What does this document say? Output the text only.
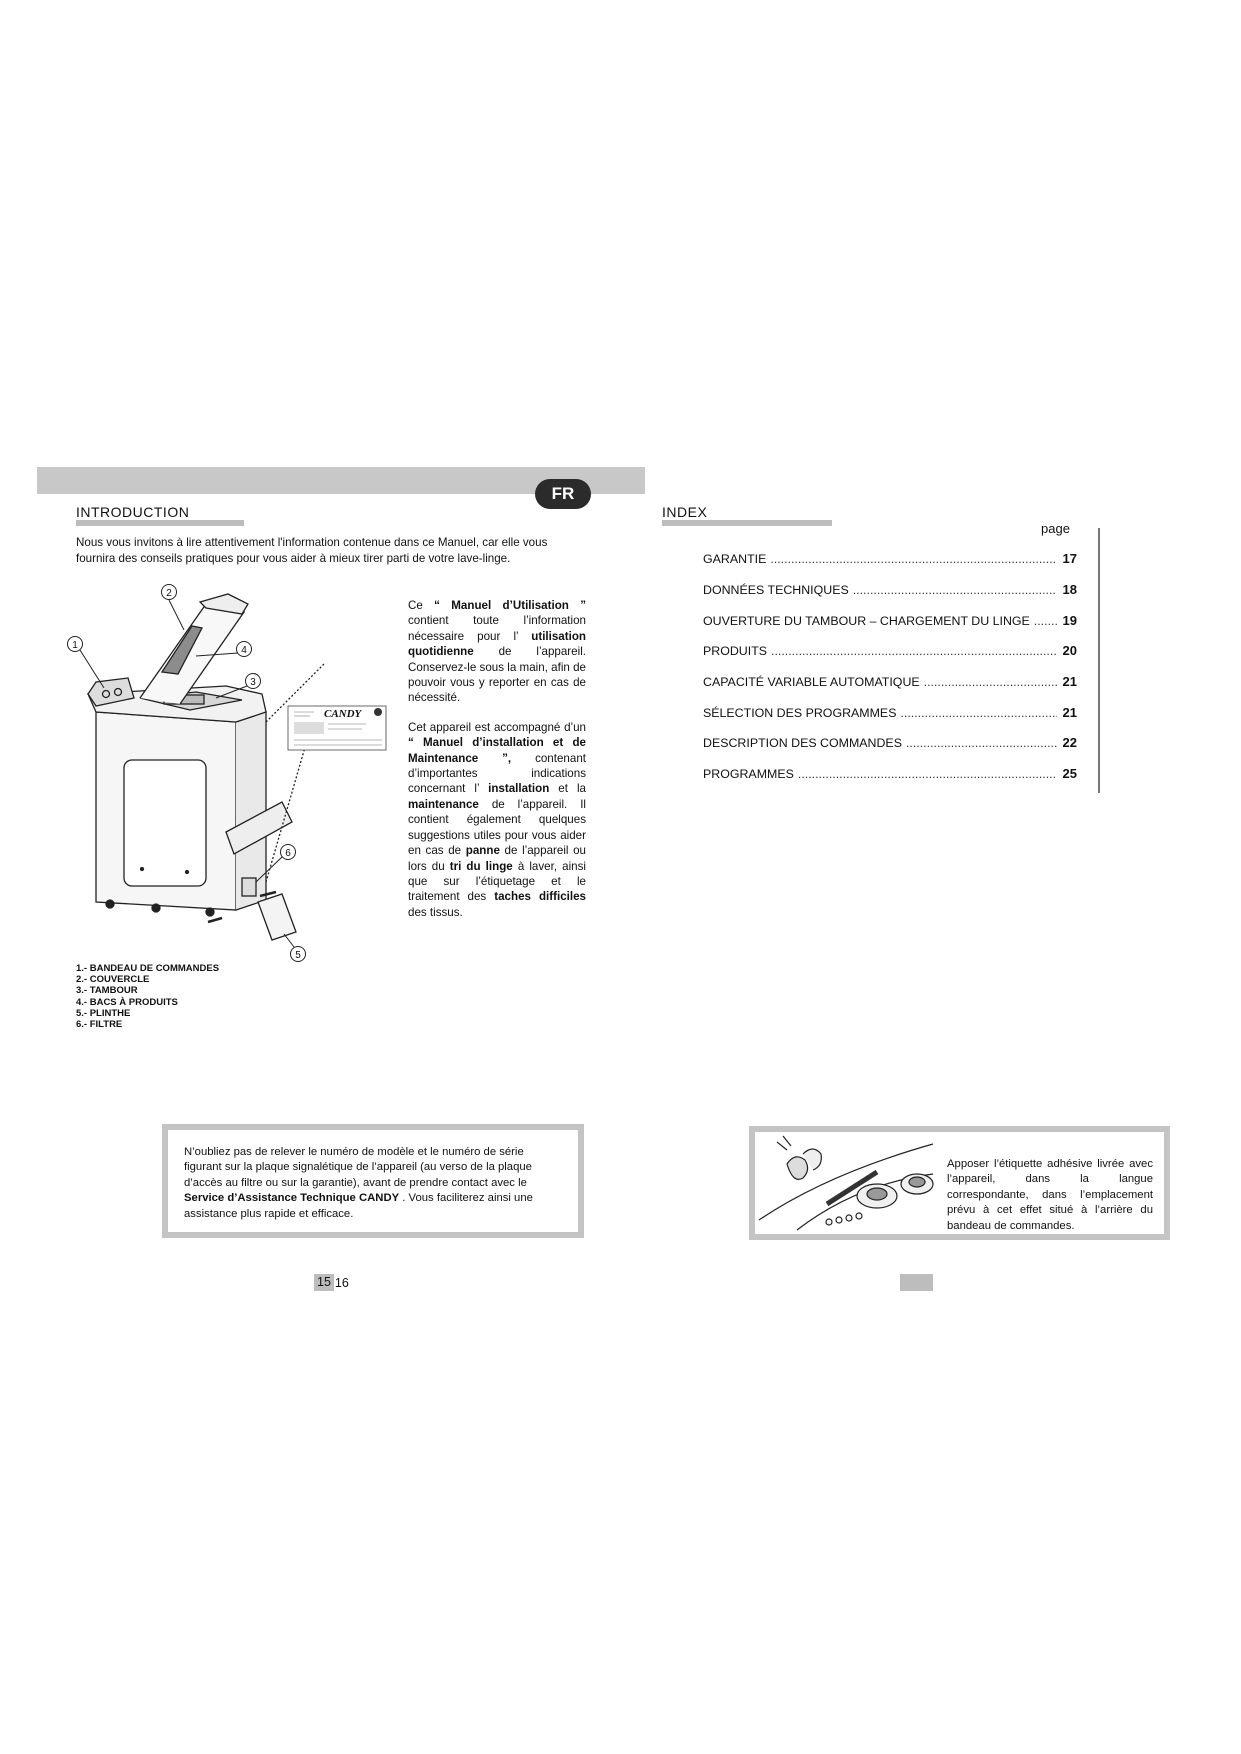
FR
INTRODUCTION
Nous vous invitons à lire attentivement l'information contenue dans ce Manuel, car elle vous fournira des conseils pratiques pour vous aider à mieux tirer parti de votre lave-linge.
2
1	4
3
6
5
CANDY

Ce “ Manuel d’Utilisation ” contient toute l’information nécessaire pour l’ utilisation quotidienne de l’appareil. Conservez-le sous la main, afin de pouvoir vous y reporter en cas de nécessité.

Cet appareil est accompagné d’un “ Manuel d’installation et de Maintenance ”, contenant d’importantes indications concernant l’ installation et la maintenance de l’appareil. Il contient également quelques suggestions utiles pour vous aider en cas de panne de l’appareil ou lors du tri du linge à laver, ainsi que sur l’étiquetage et le traitement des taches difficiles des tissus.

1.- BANDEAU DE COMMANDES
2.- COUVERCLE
3.- TAMBOUR
4.- BACS À PRODUITS
5.- PLINTHE
6.- FILTRE
N’oubliez pas de relever le numéro de modèle et le numéro de série figurant sur la plaque signalétique de l’appareil (au verso de la plaque d’accès au filtre ou sur la garantie), avant de prendre contact avec le Service d’Assistance Technique CANDY . Vous faciliterez ainsi une assistance plus rapide et efficace.
15 16
INDEX
page
GARANTIE .....	17
DONNÉES TECHNIQUES .....	18
OUVERTURE DU TAMBOUR – CHARGEMENT DU LINGE .....	19
PRODUITS .....	20
CAPACITÉ VARIABLE AUTOMATIQUE .....	21
SÉLECTION DES PROGRAMMES .....	21
DESCRIPTION DES COMMANDES .....	22
PROGRAMMES .....	25
Apposer l’étiquette adhésive livrée avec l’appareil, dans la langue correspondante, dans l’emplacement prévu à cet effet situé à l’arrière du bandeau de commandes.
